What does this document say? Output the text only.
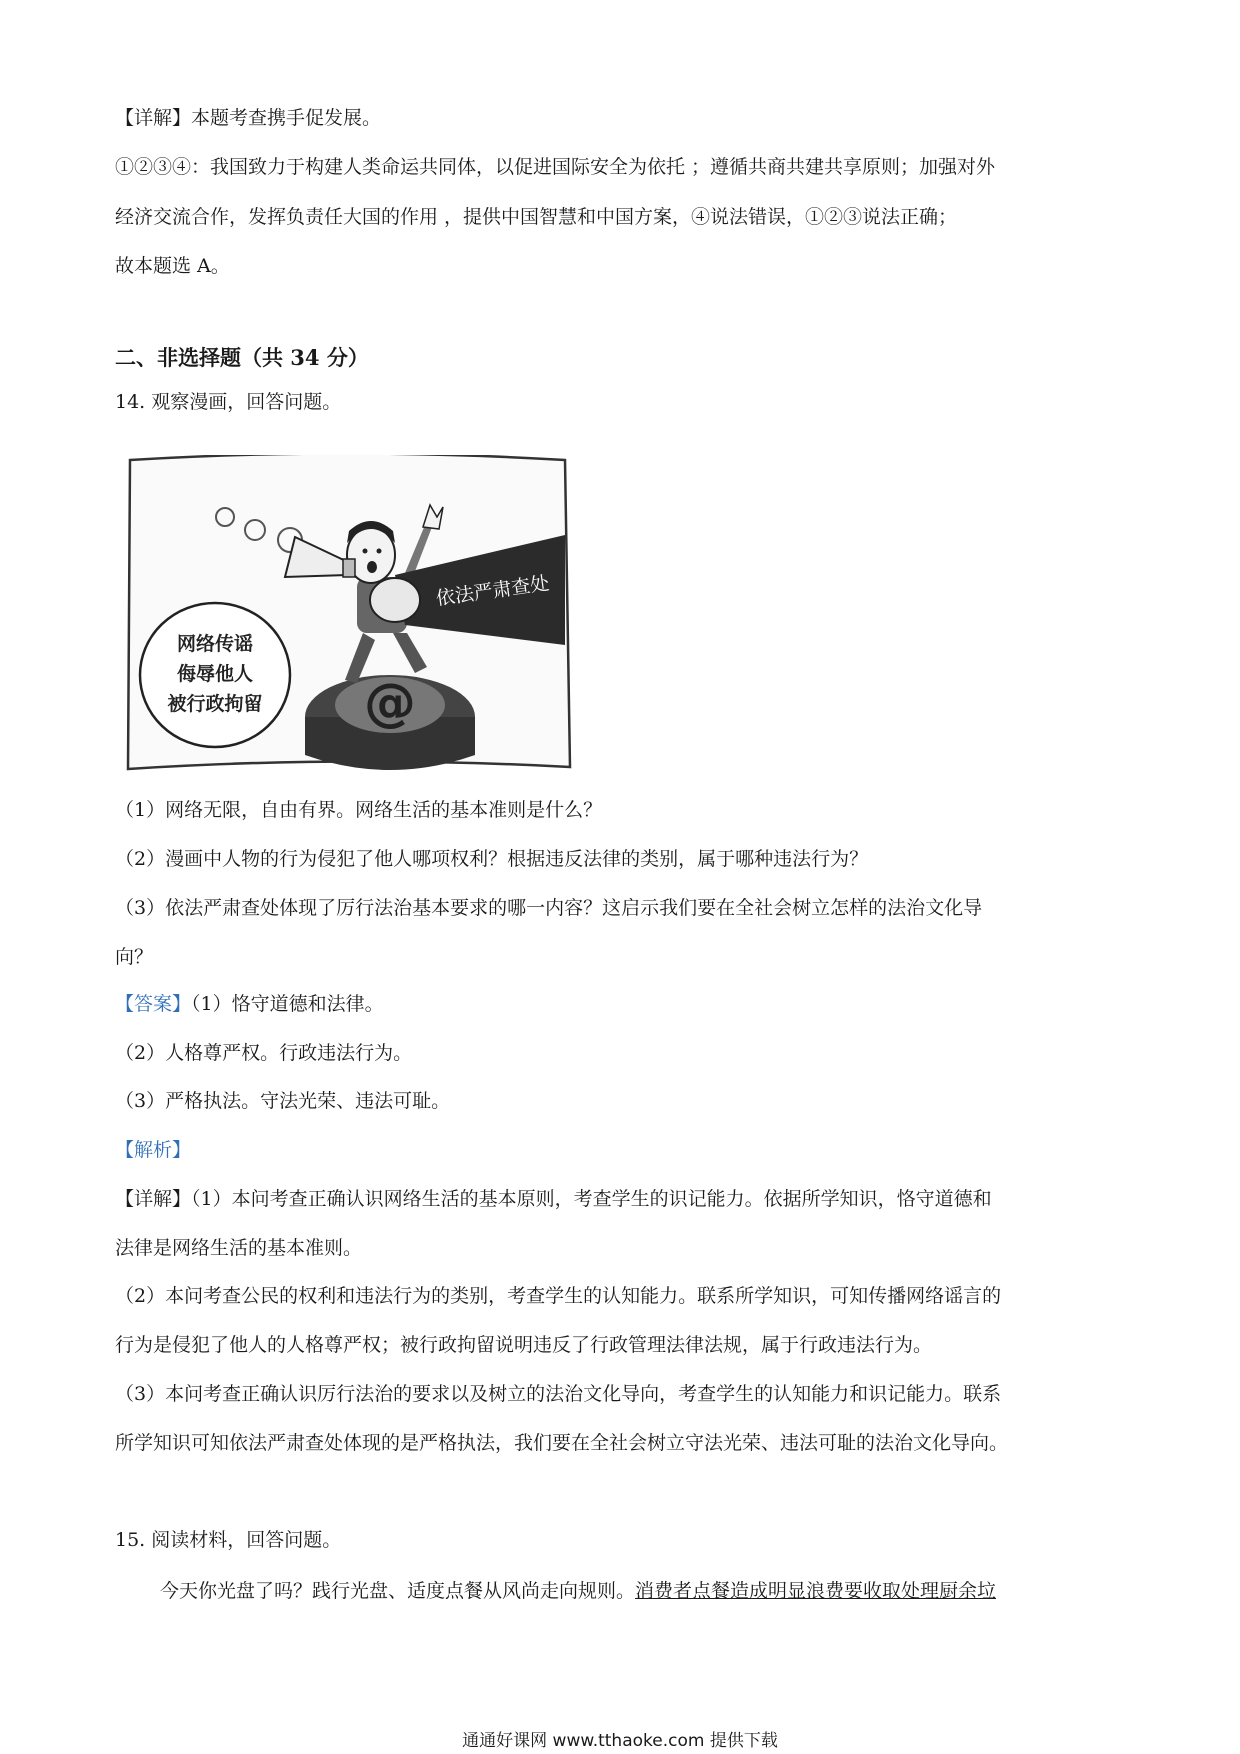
【详解】本题考查携手促发展。

①②③④：我国致力于构建人类命运共同体，以促进国际安全为依托 ；遵循共商共建共享原则；加强对外

经济交流合作，发挥负责任大国的作用 ，提供中国智慧和中国方案，④说法错误，①②③说法正确；

故本题选 A。

二、非选择题（共 34 分）

14. 观察漫画，回答问题。

@
依法严肃查处
网络传谣
侮辱他人
被行政拘留

（1）网络无限，自由有界。网络生活的基本准则是什么？

（2）漫画中人物的行为侵犯了他人哪项权利？根据违反法律的类别，属于哪种违法行为？

（3）依法严肃查处体现了厉行法治基本要求的哪一内容？这启示我们要在全社会树立怎样的法治文化导

向？

【答案】（1）恪守道德和法律。

（2）人格尊严权。行政违法行为。

（3）严格执法。守法光荣、违法可耻。

【解析】

【详解】（1）本问考查正确认识网络生活的基本原则，考查学生的识记能力。依据所学知识，恪守道德和

法律是网络生活的基本准则。

（2）本问考查公民的权利和违法行为的类别，考查学生的认知能力。联系所学知识，可知传播网络谣言的

行为是侵犯了他人的人格尊严权；被行政拘留说明违反了行政管理法律法规，属于行政违法行为。

（3）本问考查正确认识厉行法治的要求以及树立的法治文化导向，考查学生的认知能力和识记能力。联系

所学知识可知依法严肃查处体现的是严格执法，我们要在全社会树立守法光荣、违法可耻的法治文化导向。

15. 阅读材料，回答问题。

今天你光盘了吗？践行光盘、适度点餐从风尚走向规则。消费者点餐造成明显浪费要收取处理厨余垃

通通好课网 www.tthaoke.com 提供下载
